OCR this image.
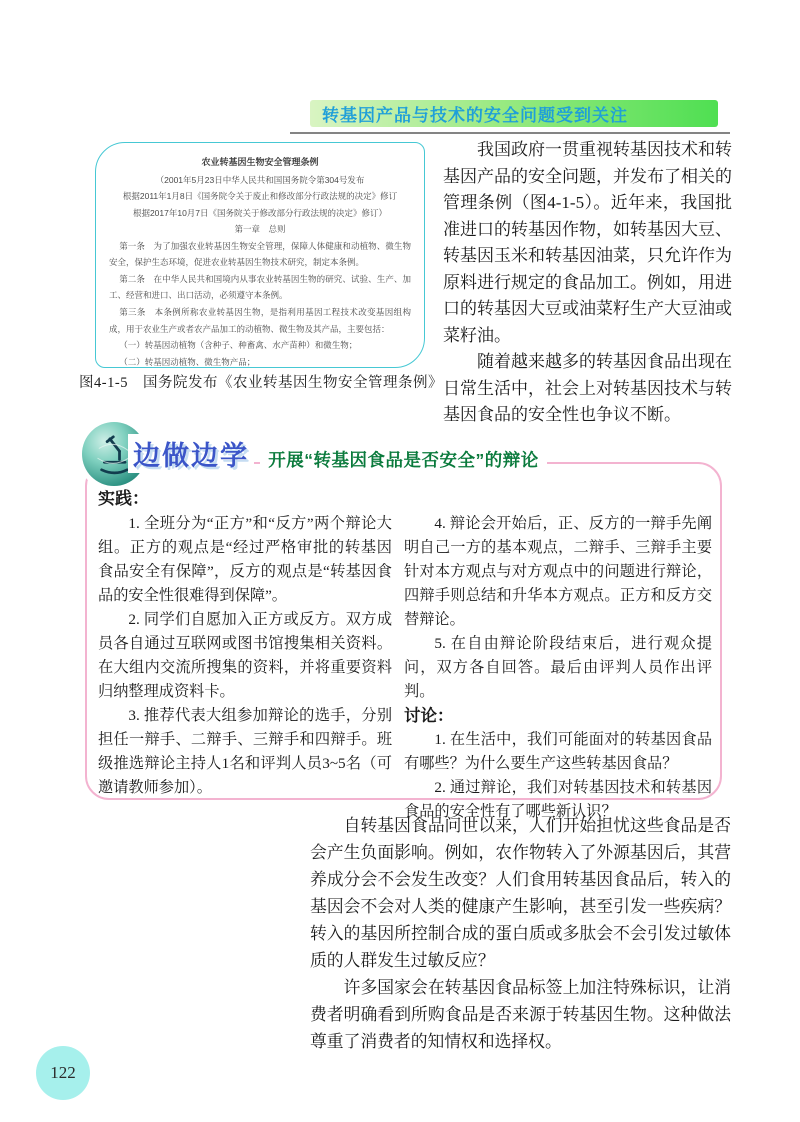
转基因产品与技术的安全问题受到关注
农业转基因生物安全管理条例
（2001年5月23日中华人民共和国国务院令第304号发布
根据2011年1月8日《国务院令关于废止和修改部分行政法规的决定》修订
根据2017年10月7日《国务院关于修改部分行政法规的决定》修订）
第一章　总则
第一条　为了加强农业转基因生物安全管理，保障人体健康和动植物、微生物安全，保护生态环境，促进农业转基因生物技术研究，制定本条例。
第二条　在中华人民共和国境内从事农业转基因生物的研究、试验、生产、加工、经营和进口、出口活动，必须遵守本条例。
第三条　本条例所称农业转基因生物，是指利用基因工程技术改变基因组构成，用于农业生产或者农产品加工的动植物、微生物及其产品，主要包括：
（一）转基因动植物（含种子、种畜禽、水产苗种）和微生物；
（二）转基因动植物、微生物产品；
图4-1-5　国务院发布《农业转基因生物安全管理条例》

我国政府一贯重视转基因技术和转基因产品的安全问题，并发布了相关的管理条例（图4-1-5）。近年来，我国批准进口的转基因作物，如转基因大豆、转基因玉米和转基因油菜，只允许作为原料进行规定的食品加工。例如，用进口的转基因大豆或油菜籽生产大豆油或菜籽油。

随着越来越多的转基因食品出现在日常生活中，社会上对转基因技术与转基因食品的安全性也争议不断。

边做边学	开展“转基因食品是否安全”的辩论
实践：

1. 全班分为“正方”和“反方”两个辩论大组。正方的观点是“经过严格审批的转基因食品安全有保障”，反方的观点是“转基因食品的安全性很难得到保障”。

2. 同学们自愿加入正方或反方。双方成员各自通过互联网或图书馆搜集相关资料。在大组内交流所搜集的资料，并将重要资料归纳整理成资料卡。

3. 推荐代表大组参加辩论的选手，分别担任一辩手、二辩手、三辩手和四辩手。班级推选辩论主持人1名和评判人员3~5名（可邀请教师参加）。

4. 辩论会开始后，正、反方的一辩手先阐明自己一方的基本观点，二辩手、三辩手主要针对本方观点与对方观点中的问题进行辩论，四辩手则总结和升华本方观点。正方和反方交替辩论。

5. 在自由辩论阶段结束后，进行观众提问，双方各自回答。最后由评判人员作出评判。

讨论：

1. 在生活中，我们可能面对的转基因食品有哪些？为什么要生产这些转基因食品？

2. 通过辩论，我们对转基因技术和转基因食品的安全性有了哪些新认识？

自转基因食品问世以来，人们开始担忧这些食品是否会产生负面影响。例如，农作物转入了外源基因后，其营养成分会不会发生改变？人们食用转基因食品后，转入的基因会不会对人类的健康产生影响，甚至引发一些疾病？转入的基因所控制合成的蛋白质或多肽会不会引发过敏体质的人群发生过敏反应？

许多国家会在转基因食品标签上加注特殊标识，让消费者明确看到所购食品是否来源于转基因生物。这种做法尊重了消费者的知情权和选择权。

122
